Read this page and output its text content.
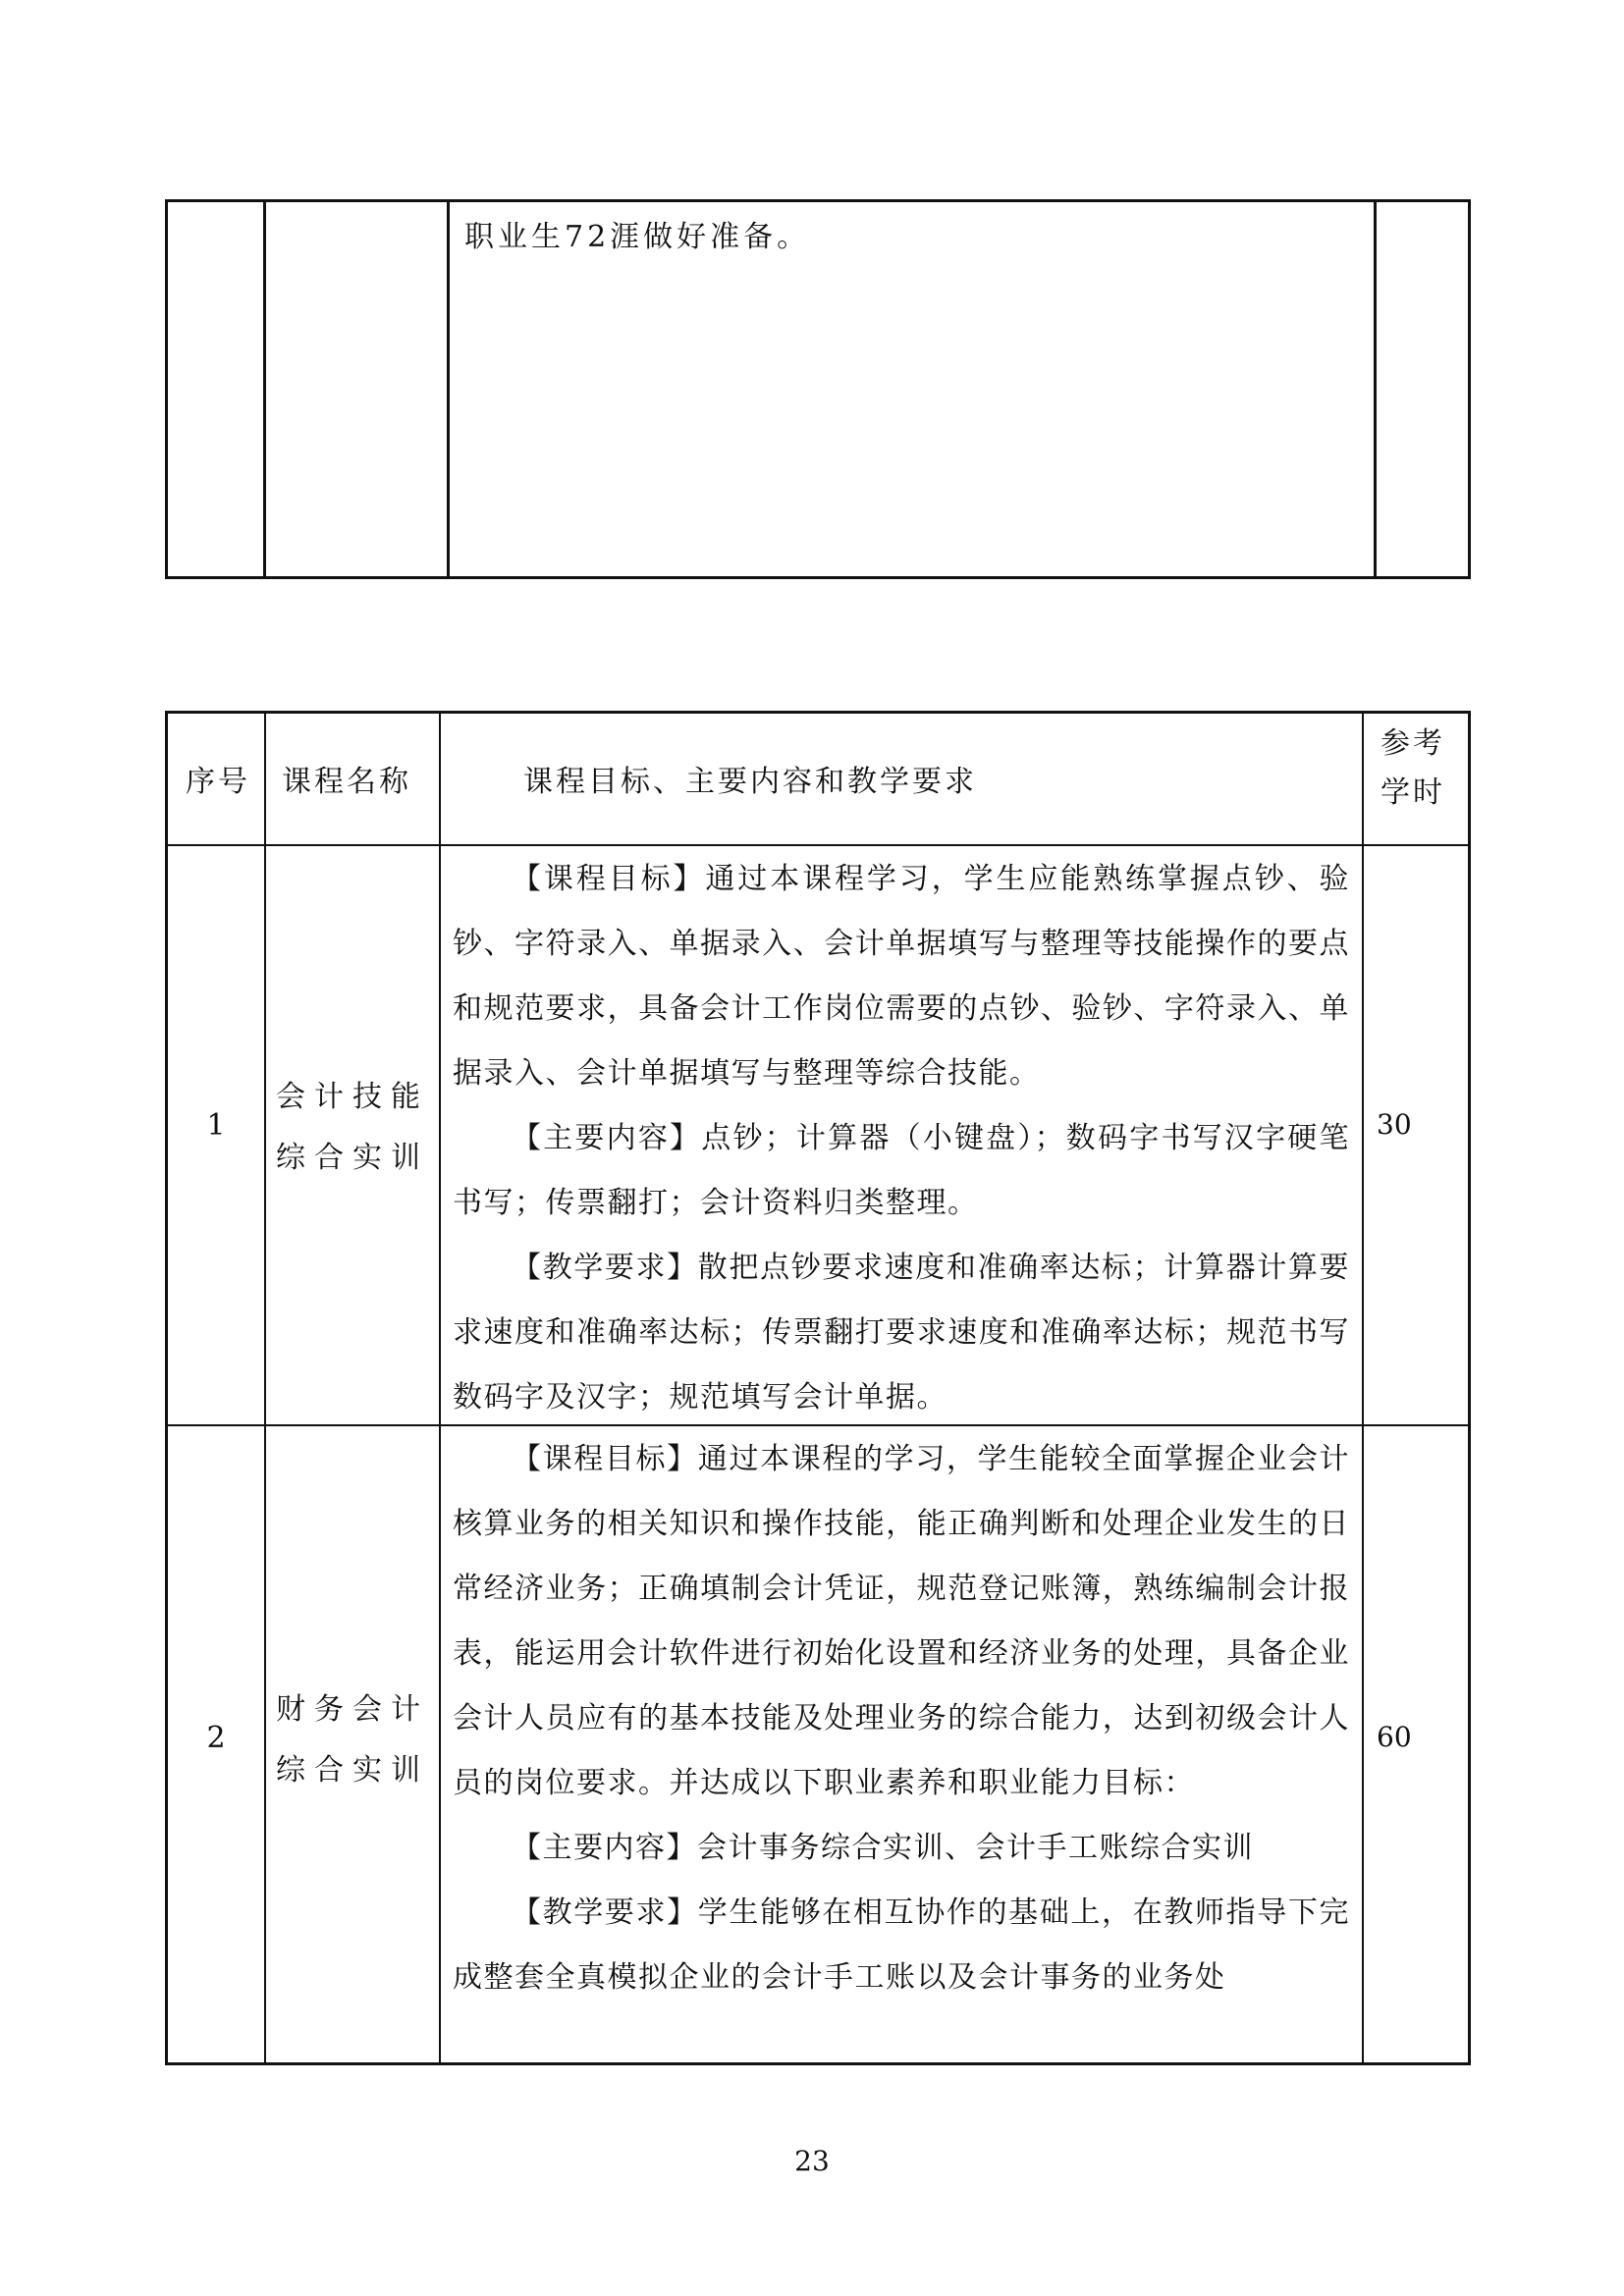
职业生72涯做好准备。
序号 课程名称	课程目标、主要内容和教学要求
参考
学时
1
会计技能
综合实训

【课程目标】通过本课程学习，学生应能熟练掌握点钞、验钞、字符录入、单据录入、会计单据填写与整理等技能操作的要点和规范要求，具备会计工作岗位需要的点钞、验钞、字符录入、单据录入、会计单据填写与整理等综合技能。

【主要内容】点钞；计算器（小键盘）；数码字书写汉字硬笔书写；传票翻打；会计资料归类整理。

【教学要求】散把点钞要求速度和准确率达标；计算器计算要求速度和准确率达标；传票翻打要求速度和准确率达标；规范书写数码字及汉字；规范填写会计单据。

30
2
财务会计
综合实训

【课程目标】通过本课程的学习，学生能较全面掌握企业会计核算业务的相关知识和操作技能，能正确判断和处理企业发生的日常经济业务；正确填制会计凭证，规范登记账簿，熟练编制会计报表，能运用会计软件进行初始化设置和经济业务的处理，具备企业会计人员应有的基本技能及处理业务的综合能力，达到初级会计人员的岗位要求。并达成以下职业素养和职业能力目标：

【主要内容】会计事务综合实训、会计手工账综合实训

【教学要求】学生能够在相互协作的基础上，在教师指导下完成整套全真模拟企业的会计手工账以及会计事务的业务处

60
23
